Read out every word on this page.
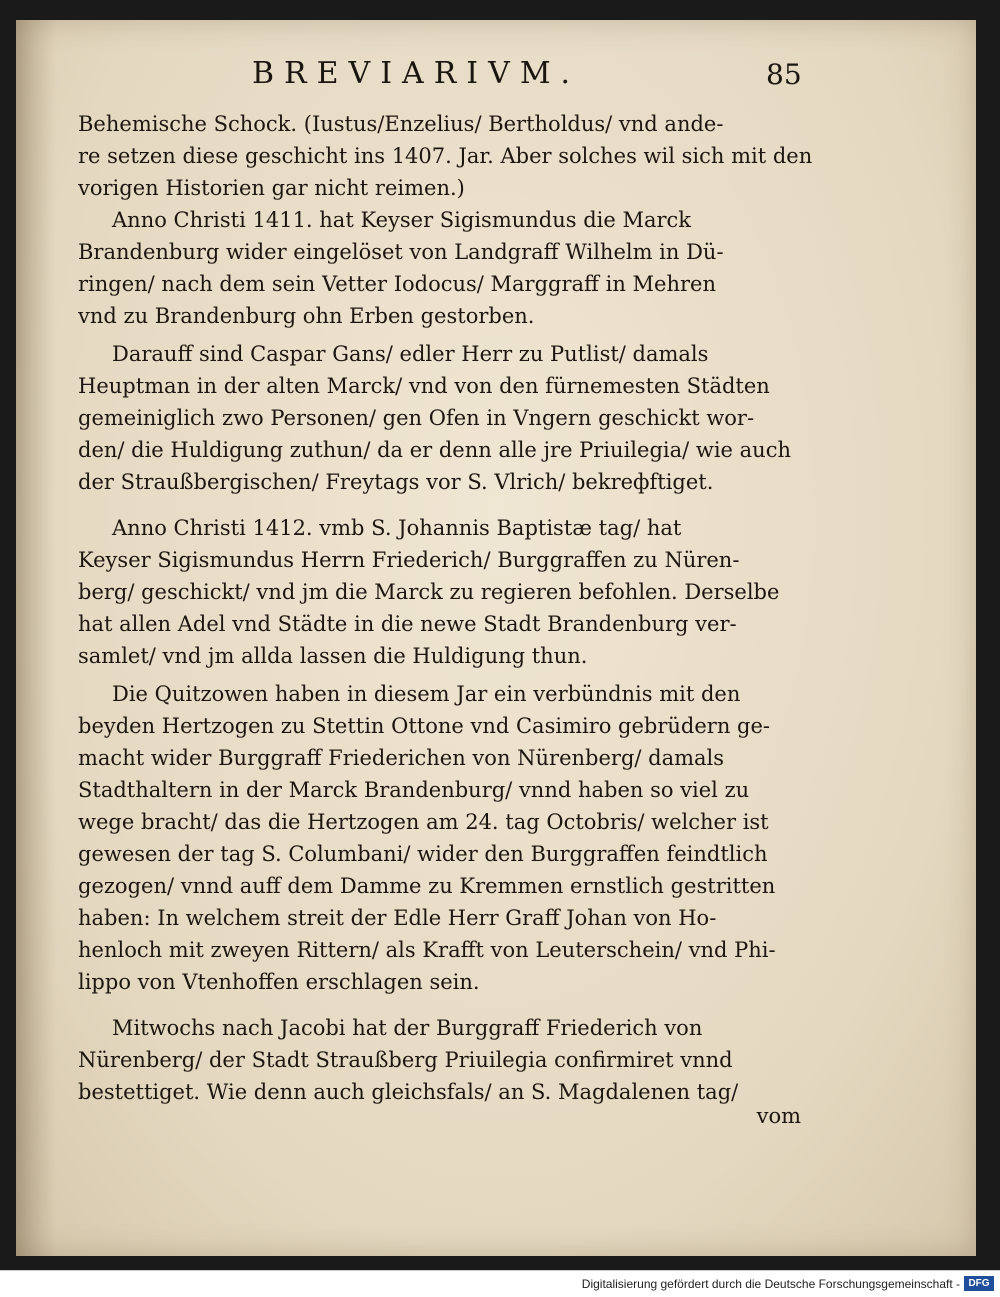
BREVIARIVM.	85
Behemische Schock. (Iustus/Enzelius/ Bertholdus/ vnd ande-
re setzen diese geschicht ins 1407. Jar. Aber solches wil sich mit den
vorigen Historien gar nicht reimen.)
Anno Christi 1411. hat Keyser Sigismundus die Marck
Brandenburg wider eingelöset von Landgraff Wilhelm in Dü-
ringen/ nach dem sein Vetter Iodocus/ Marggraff in Mehren
vnd zu Brandenburg ohn Erben gestorben.
Darauff sind Caspar Gans/ edler Herr zu Putlist/ damals
Heuptman in der alten Marck/ vnd von den fürnemesten Städten
gemeiniglich zwo Personen/ gen Ofen in Vngern geschickt wor-
den/ die Huldigung zuthun/ da er denn alle jre Priuilegia/ wie auch
der Straußbergischen/ Freytags vor S. Vlrich/ bekreфftiget.
Anno Christi 1412. vmb S. Johannis Baptistæ tag/ hat
Keyser Sigismundus Herrn Friederich/ Burggraffen zu Nüren-
berg/ geschickt/ vnd jm die Marck zu regieren befohlen. Derselbe
hat allen Adel vnd Städte in die newe Stadt Brandenburg ver-
samlet/ vnd jm allda lassen die Huldigung thun.
Die Quitzowen haben in diesem Jar ein verbündnis mit den
beyden Hertzogen zu Stettin Ottone vnd Casimiro gebrüdern ge-
macht wider Burggraff Friederichen von Nürenberg/ damals
Stadthaltern in der Marck Brandenburg/ vnnd haben so viel zu
wege bracht/ das die Hertzogen am 24. tag Octobris/ welcher ist
gewesen der tag S. Columbani/ wider den Burggraffen feindtlich
gezogen/ vnnd auff dem Damme zu Kremmen ernstlich gestritten
haben: In welchem streit der Edle Herr Graff Johan von Ho-
henloch mit zweyen Rittern/ als Krafft von Leuterschein/ vnd Phi-
lippo von Vtenhoffen erschlagen sein.
Mitwochs nach Jacobi hat der Burggraff Friederich von
Nürenberg/ der Stadt Straußberg Priuilegia confirmiret vnnd
bestettiget. Wie denn auch gleichsfals/ an S. Magdalenen tag/
vom
Digitalisierung gefördert durch die Deutsche Forschungsgemeinschaft - DFG
